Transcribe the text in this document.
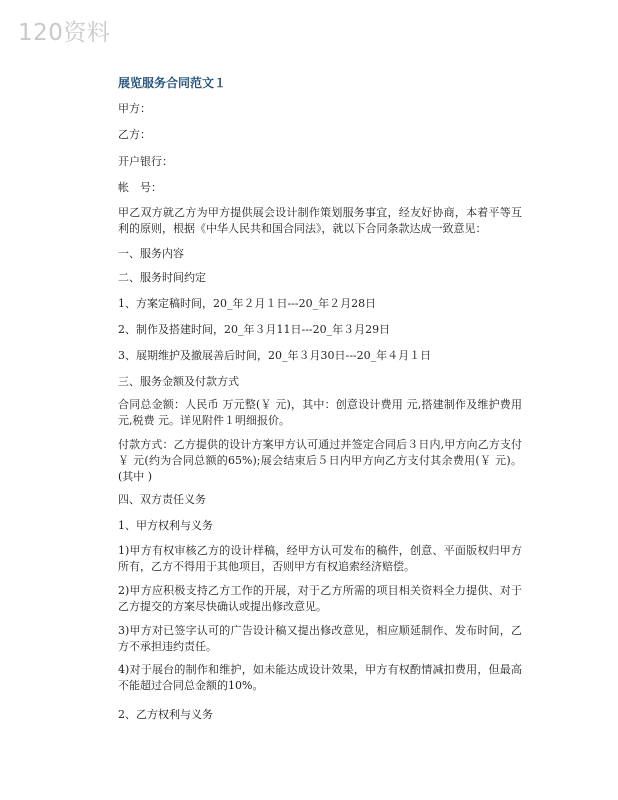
120资料
展览服务合同范文１
甲方：
乙方：
开户银行：
帐　号：
甲乙双方就乙方为甲方提供展会设计制作策划服务事宜，经友好协商，本着平等互利的原则，根据《中华人民共和国合同法》，就以下合同条款达成一致意见：
一、服务内容
二、服务时间约定
1、方案定稿时间，20_年２月１日---20_年２月28日
2、制作及搭建时间，20_年３月11日---20_年３月29日
3、展期维护及撤展善后时间，20_年３月30日---20_年４月１日
三、服务金额及付款方式
合同总金额：人民币 万元整(￥ 元)，其中：创意设计费用 元,搭建制作及维护费用 元,税费 元。详见附件１明细报价。
付款方式：乙方提供的设计方案甲方认可通过并签定合同后３日内,甲方向乙方支付￥ 元(约为合同总额的65%);展会结束后５日内甲方向乙方支付其余费用(￥ 元)。(其中 )
四、双方责任义务
1、甲方权利与义务
1)甲方有权审核乙方的设计样稿，经甲方认可发布的稿件，创意、平面版权归甲方所有，乙方不得用于其他项目，否则甲方有权追索经济赔偿。
2)甲方应积极支持乙方工作的开展，对于乙方所需的项目相关资料全力提供、对于乙方提交的方案尽快确认或提出修改意见。
3)甲方对已签字认可的广告设计稿又提出修改意见，相应顺延制作、发布时间，乙方不承担违约责任。
4)对于展台的制作和维护，如未能达成设计效果，甲方有权酌情减扣费用，但最高不能超过合同总金额的10%。
2、乙方权利与义务
